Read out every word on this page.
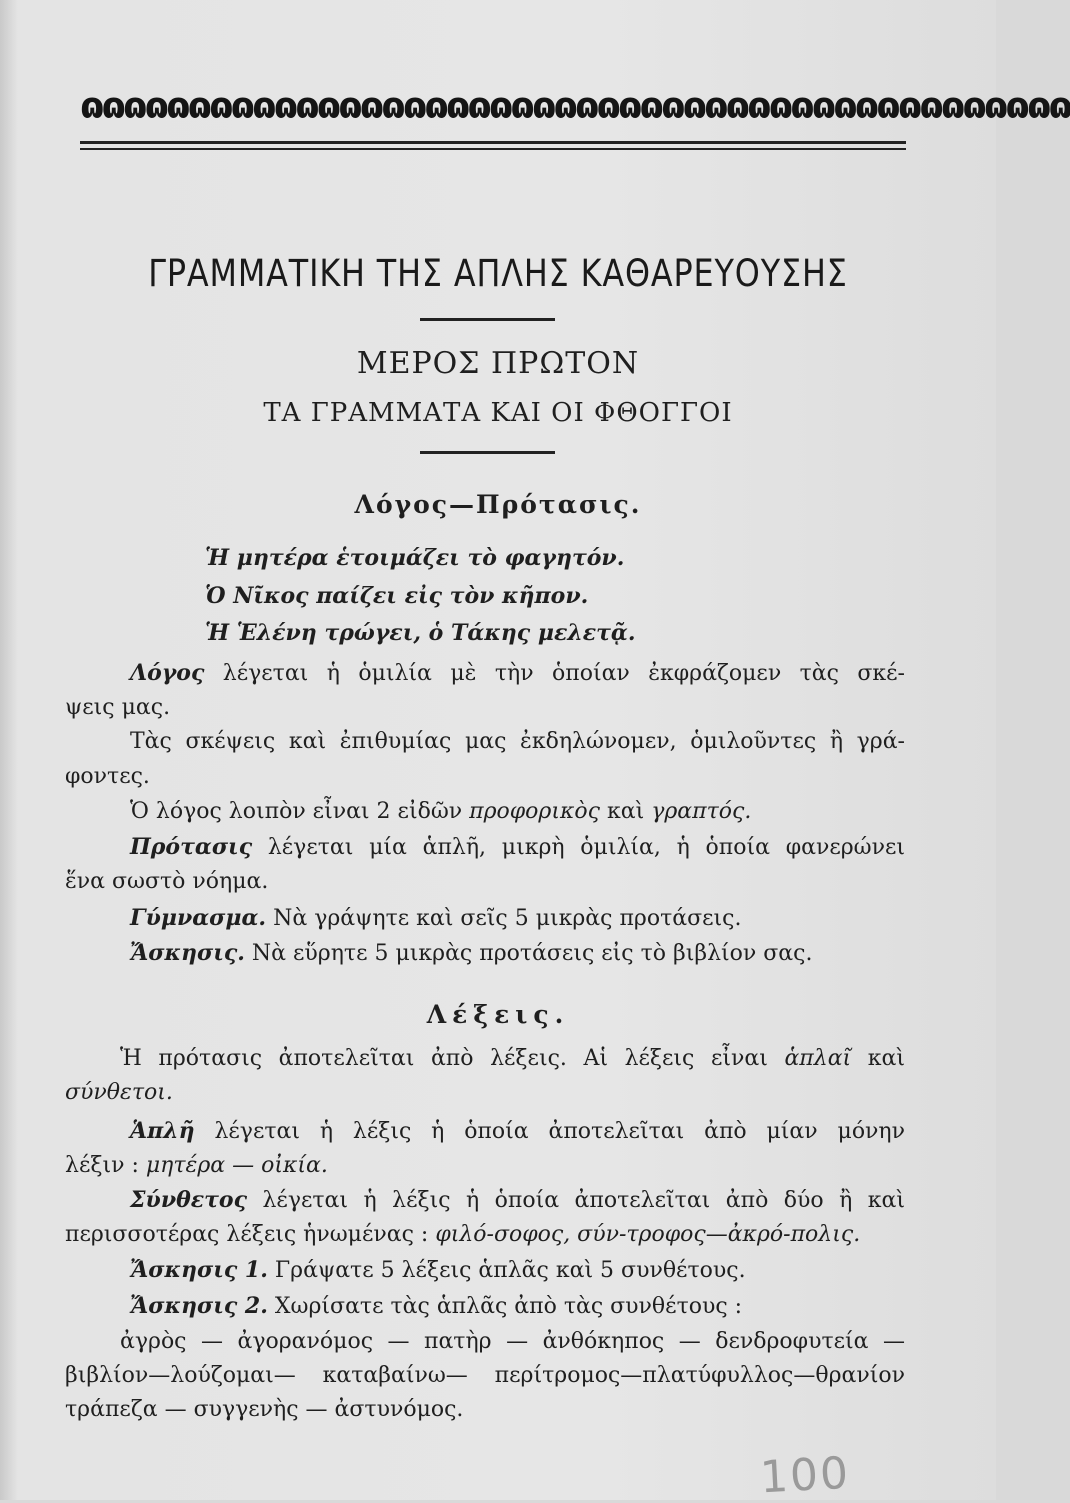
ɷɷɷɷɷɷɷɷɷɷɷɷɷɷɷɷɷɷɷɷɷɷɷɷɷɷɷɷɷɷɷɷɷɷɷɷɷɷɷɷɷɷɷɷɷɷ
ΓΡΑΜΜΑΤΙΚΗ ΤΗΣ ΑΠΛΗΣ ΚΑΘΑΡΕΥΟΥΣΗΣ
ΜΕΡΟΣ ΠΡΩΤΟΝ
ΤΑ ΓΡΑΜΜΑΤΑ ΚΑΙ ΟΙ ΦΘΟΓΓΟΙ
Λόγος—Πρότασις.
Ἡ μητέρα ἑτοιμάζει τὸ φαγητόν.
Ὁ Νῖκος παίζει εἰς τὸν κῆπον.
Ἡ Ἑλένη τρώγει, ὁ Τάκης μελετᾷ.
Λόγος λέγεται ἡ ὁμιλία μὲ τὴν ὁποίαν ἐκφράζομεν τὰς σκέ-
ψεις μας.
Τὰς σκέψεις καὶ ἐπιθυμίας μας ἐκδηλώνομεν, ὁμιλοῦντες ἢ γρά-
φοντες.
Ὁ λόγος λοιπὸν εἶναι 2 εἰδῶν προφορικὸς καὶ γραπτός.
Πρότασις λέγεται μία ἁπλῆ, μικρὴ ὁμιλία, ἡ ὁποία φανερώνει
ἕνα σωστὸ νόημα.
Γύμνασμα. Νὰ γράψητε καὶ σεῖς 5 μικρὰς προτάσεις.
Ἄσκησις. Νὰ εὕρητε 5 μικρὰς προτάσεις εἰς τὸ βιβλίον σας.
Λέξεις.
Ἡ πρότασις ἀποτελεῖται ἀπὸ λέξεις. Αἱ λέξεις εἶναι ἁπλαῖ καὶ
σύνθετοι.
Ἁπλῆ λέγεται ἡ λέξις ἡ ὁποία ἀποτελεῖται ἀπὸ μίαν μόνην
λέξιν : μητέρα — οἰκία.
Σύνθετος λέγεται ἡ λέξις ἡ ὁποία ἀποτελεῖται ἀπὸ δύο ἢ καὶ
περισσοτέρας λέξεις ἡνωμένας : φιλό-σοφος, σύν-τροφος—ἀκρό-πολις.
Ἄσκησις 1. Γράψατε 5 λέξεις ἁπλᾶς καὶ 5 συνθέτους.
Ἄσκησις 2. Χωρίσατε τὰς ἁπλᾶς ἀπὸ τὰς συνθέτους :
ἀγρὸς — ἀγορανόμος — πατὴρ — ἀνθόκηπος — δενδροφυτεία —
βιβλίον—λούζομαι— καταβαίνω— περίτρομος—πλατύφυλλος—θρανίον
τράπεζα — συγγενὴς — ἀστυνόμος.
100
